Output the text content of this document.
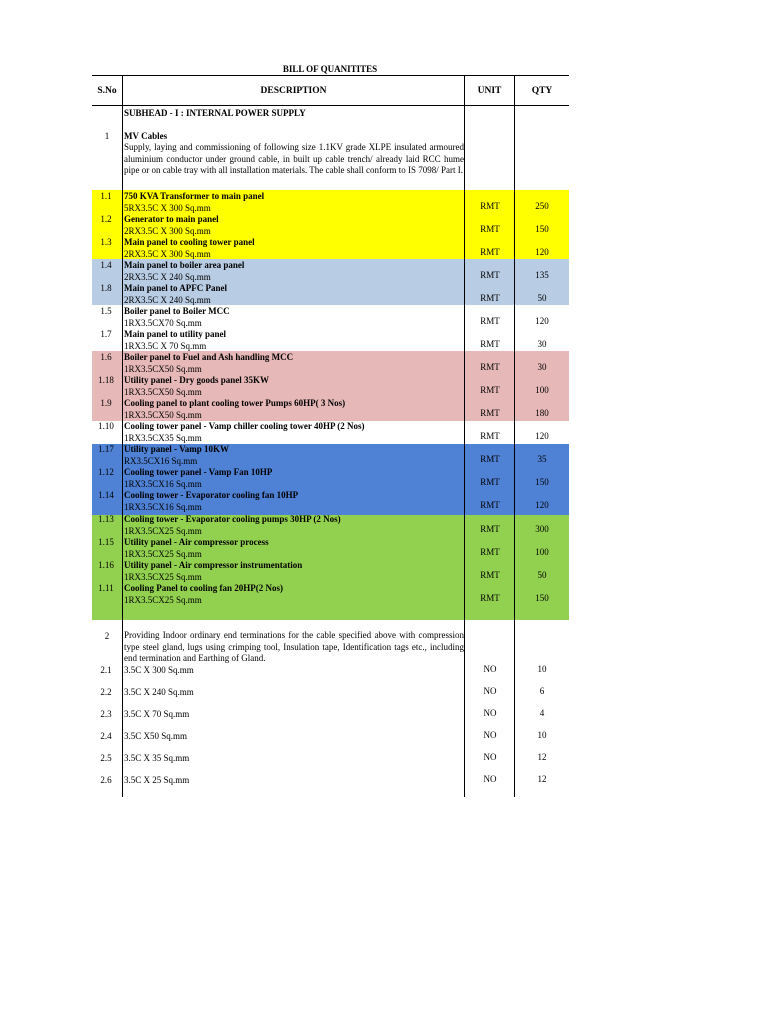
BILL OF QUANITITES
S.No	DESCRIPTION	UNIT	QTY
SUBHEAD - I : INTERNAL POWER SUPPLY
1	MV Cables
Supply, laying and commissioning of following size 1.1KV grade XLPE insulated armoured aluminium conductor under ground cable, in built up cable trench/ already laid RCC hume pipe or on cable tray with all installation materials. The cable shall conform to IS 7098/ Part I.
1.1	750 KVA Transformer to main panel
5RX3.5C X 300 Sq.mm	RMT	250
1.2	Generator to main panel
2RX3.5C X 300 Sq.mm	RMT	150
1.3	Main panel to cooling tower panel
2RX3.5C X 300 Sq.mm	RMT	120
1.4	Main panel to boiler area panel
2RX3.5C X 240 Sq.mm	RMT	135
1.8	Main panel to APFC Panel
2RX3.5C X 240 Sq.mm	RMT	50
1.5	Boiler panel to Boiler MCC
1RX3.5CX70 Sq.mm	RMT	120
1.7	Main panel to utility panel
1RX3.5C X 70 Sq.mm	RMT	30
1.6	Boiler panel to Fuel and Ash handling MCC
1RX3.5CX50 Sq.mm	RMT	30
1.18	Utility panel - Dry goods panel 35KW
1RX3.5CX50 Sq.mm	RMT	100
1.9	Cooling panel to plant cooling tower Pumps 60HP( 3 Nos)
1RX3.5CX50 Sq.mm	RMT	180
1.10	Cooling tower panel - Vamp chiller cooling tower 40HP (2 Nos)
1RX3.5CX35 Sq.mm	RMT	120
1.17	Utility panel - Vamp 10KW
RX3.5CX16 Sq.mm	RMT	35
1.12	Cooling tower panel - Vamp Fan 10HP
1RX3.5CX16 Sq.mm	RMT	150
1.14	Cooling tower - Evaporator cooling fan 10HP
1RX3.5CX16 Sq.mm	RMT	120
1.13	Cooling tower - Evaporator cooling pumps 30HP (2 Nos)
1RX3.5CX25 Sq.mm	RMT	300
1.15	Utility panel - Air compressor process
1RX3.5CX25 Sq.mm	RMT	100
1.16	Utility panel - Air compressor instrumentation
1RX3.5CX25 Sq.mm	RMT	50
1.11	Cooling Panel to cooling fan 20HP(2 Nos)
1RX3.5CX25 Sq.mm	RMT	150
2	Providing Indoor ordinary end terminations for the cable specified above with compression type steel gland, lugs using crimping tool, Insulation tape, Identification tags etc., including end termination and Earthing of Gland.
2.1	3.5C X 300 Sq.mm	NO	10
2.2	3.5C X 240 Sq.mm	NO	6
2.3	3.5C X 70 Sq.mm	NO	4
2.4	3.5C X50 Sq.mm	NO	10
2.5	3.5C X 35 Sq.mm	NO	12
2.6	3.5C X 25 Sq.mm	NO	12
